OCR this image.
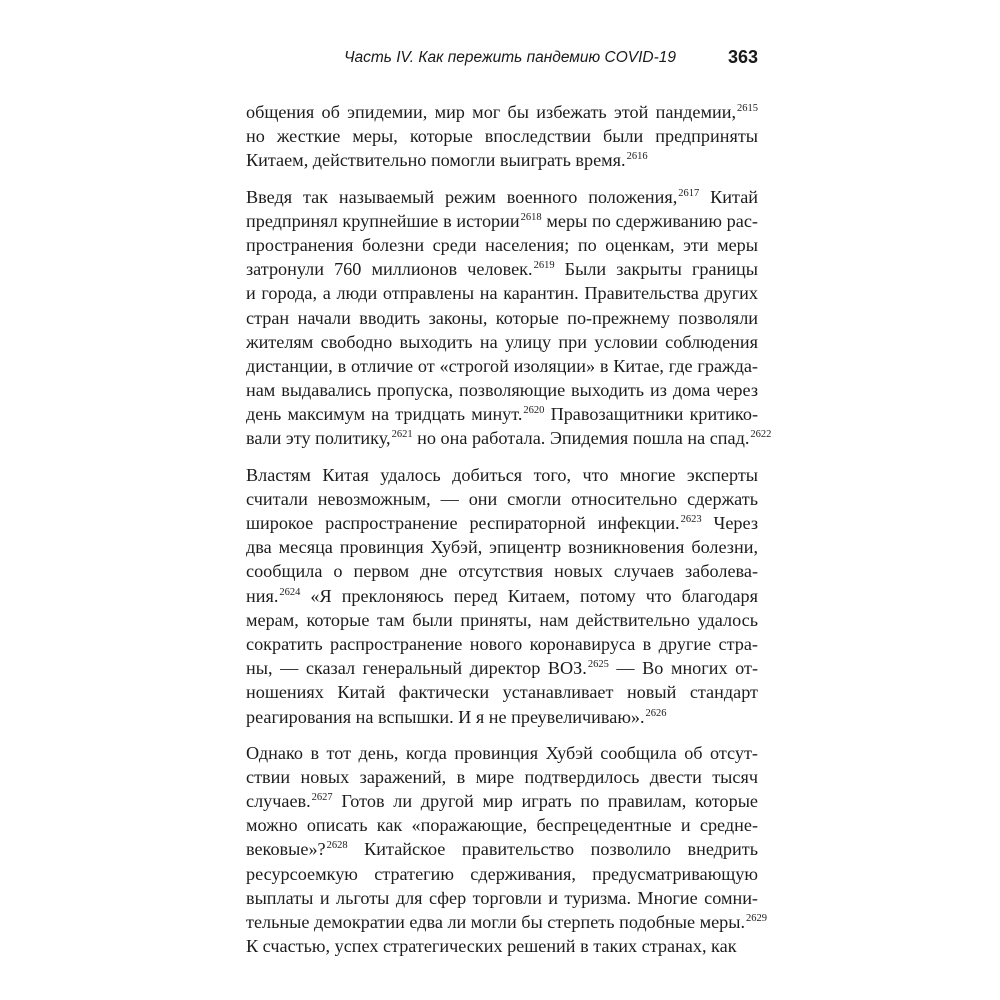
Часть IV. Как пережить пандемию COVID-19	363
общения об эпидемии, мир мог бы избежать этой пандемии,$^{2615}$
но жесткие меры, которые впоследствии были предприняты
Китаем, действительно помогли выиграть время.$^{2616}$
Введя так называемый режим военного положения,$^{2617}$ Китай
предпринял крупнейшие в истории$^{2618}$ меры по сдерживанию рас-
пространения болезни среди населения; по оценкам, эти меры
затронули 760 миллионов человек.$^{2619}$ Были закрыты границы
и города, а люди отправлены на карантин. Правительства других
стран начали вводить законы, которые по-прежнему позволяли
жителям свободно выходить на улицу при условии соблюдения
дистанции, в отличие от «строгой изоляции» в Китае, где гражда-
нам выдавались пропуска, позволяющие выходить из дома через
день максимум на тридцать минут.$^{2620}$ Правозащитники критико-
вали эту политику,$^{2621}$ но она работала. Эпидемия пошла на спад.$^{2622}$
Властям Китая удалось добиться того, что многие эксперты
считали невозможным, — они смогли относительно сдержать
широкое распространение респираторной инфекции.$^{2623}$ Через
два месяца провинция Хубэй, эпицентр возникновения болезни,
сообщила о первом дне отсутствия новых случаев заболева-
ния.$^{2624}$ «Я преклоняюсь перед Китаем, потому что благодаря
мерам, которые там были приняты, нам действительно удалось
сократить распространение нового коронавируса в другие стра-
ны, — сказал генеральный директор ВОЗ.$^{2625}$ — Во многих от-
ношениях Китай фактически устанавливает новый стандарт
реагирования на вспышки. И я не преувеличиваю».$^{2626}$
Однако в тот день, когда провинция Хубэй сообщила об отсут-
ствии новых заражений, в мире подтвердилось двести тысяч
случаев.$^{2627}$ Готов ли другой мир играть по правилам, которые
можно описать как «поражающие, беспрецедентные и средне-
вековые»?$^{2628}$ Китайское правительство позволило внедрить
ресурсоемкую стратегию сдерживания, предусматривающую
выплаты и льготы для сфер торговли и туризма. Многие сомни-
тельные демократии едва ли могли бы стерпеть подобные меры.$^{2629}$
К счастью, успех стратегических решений в таких странах, как
